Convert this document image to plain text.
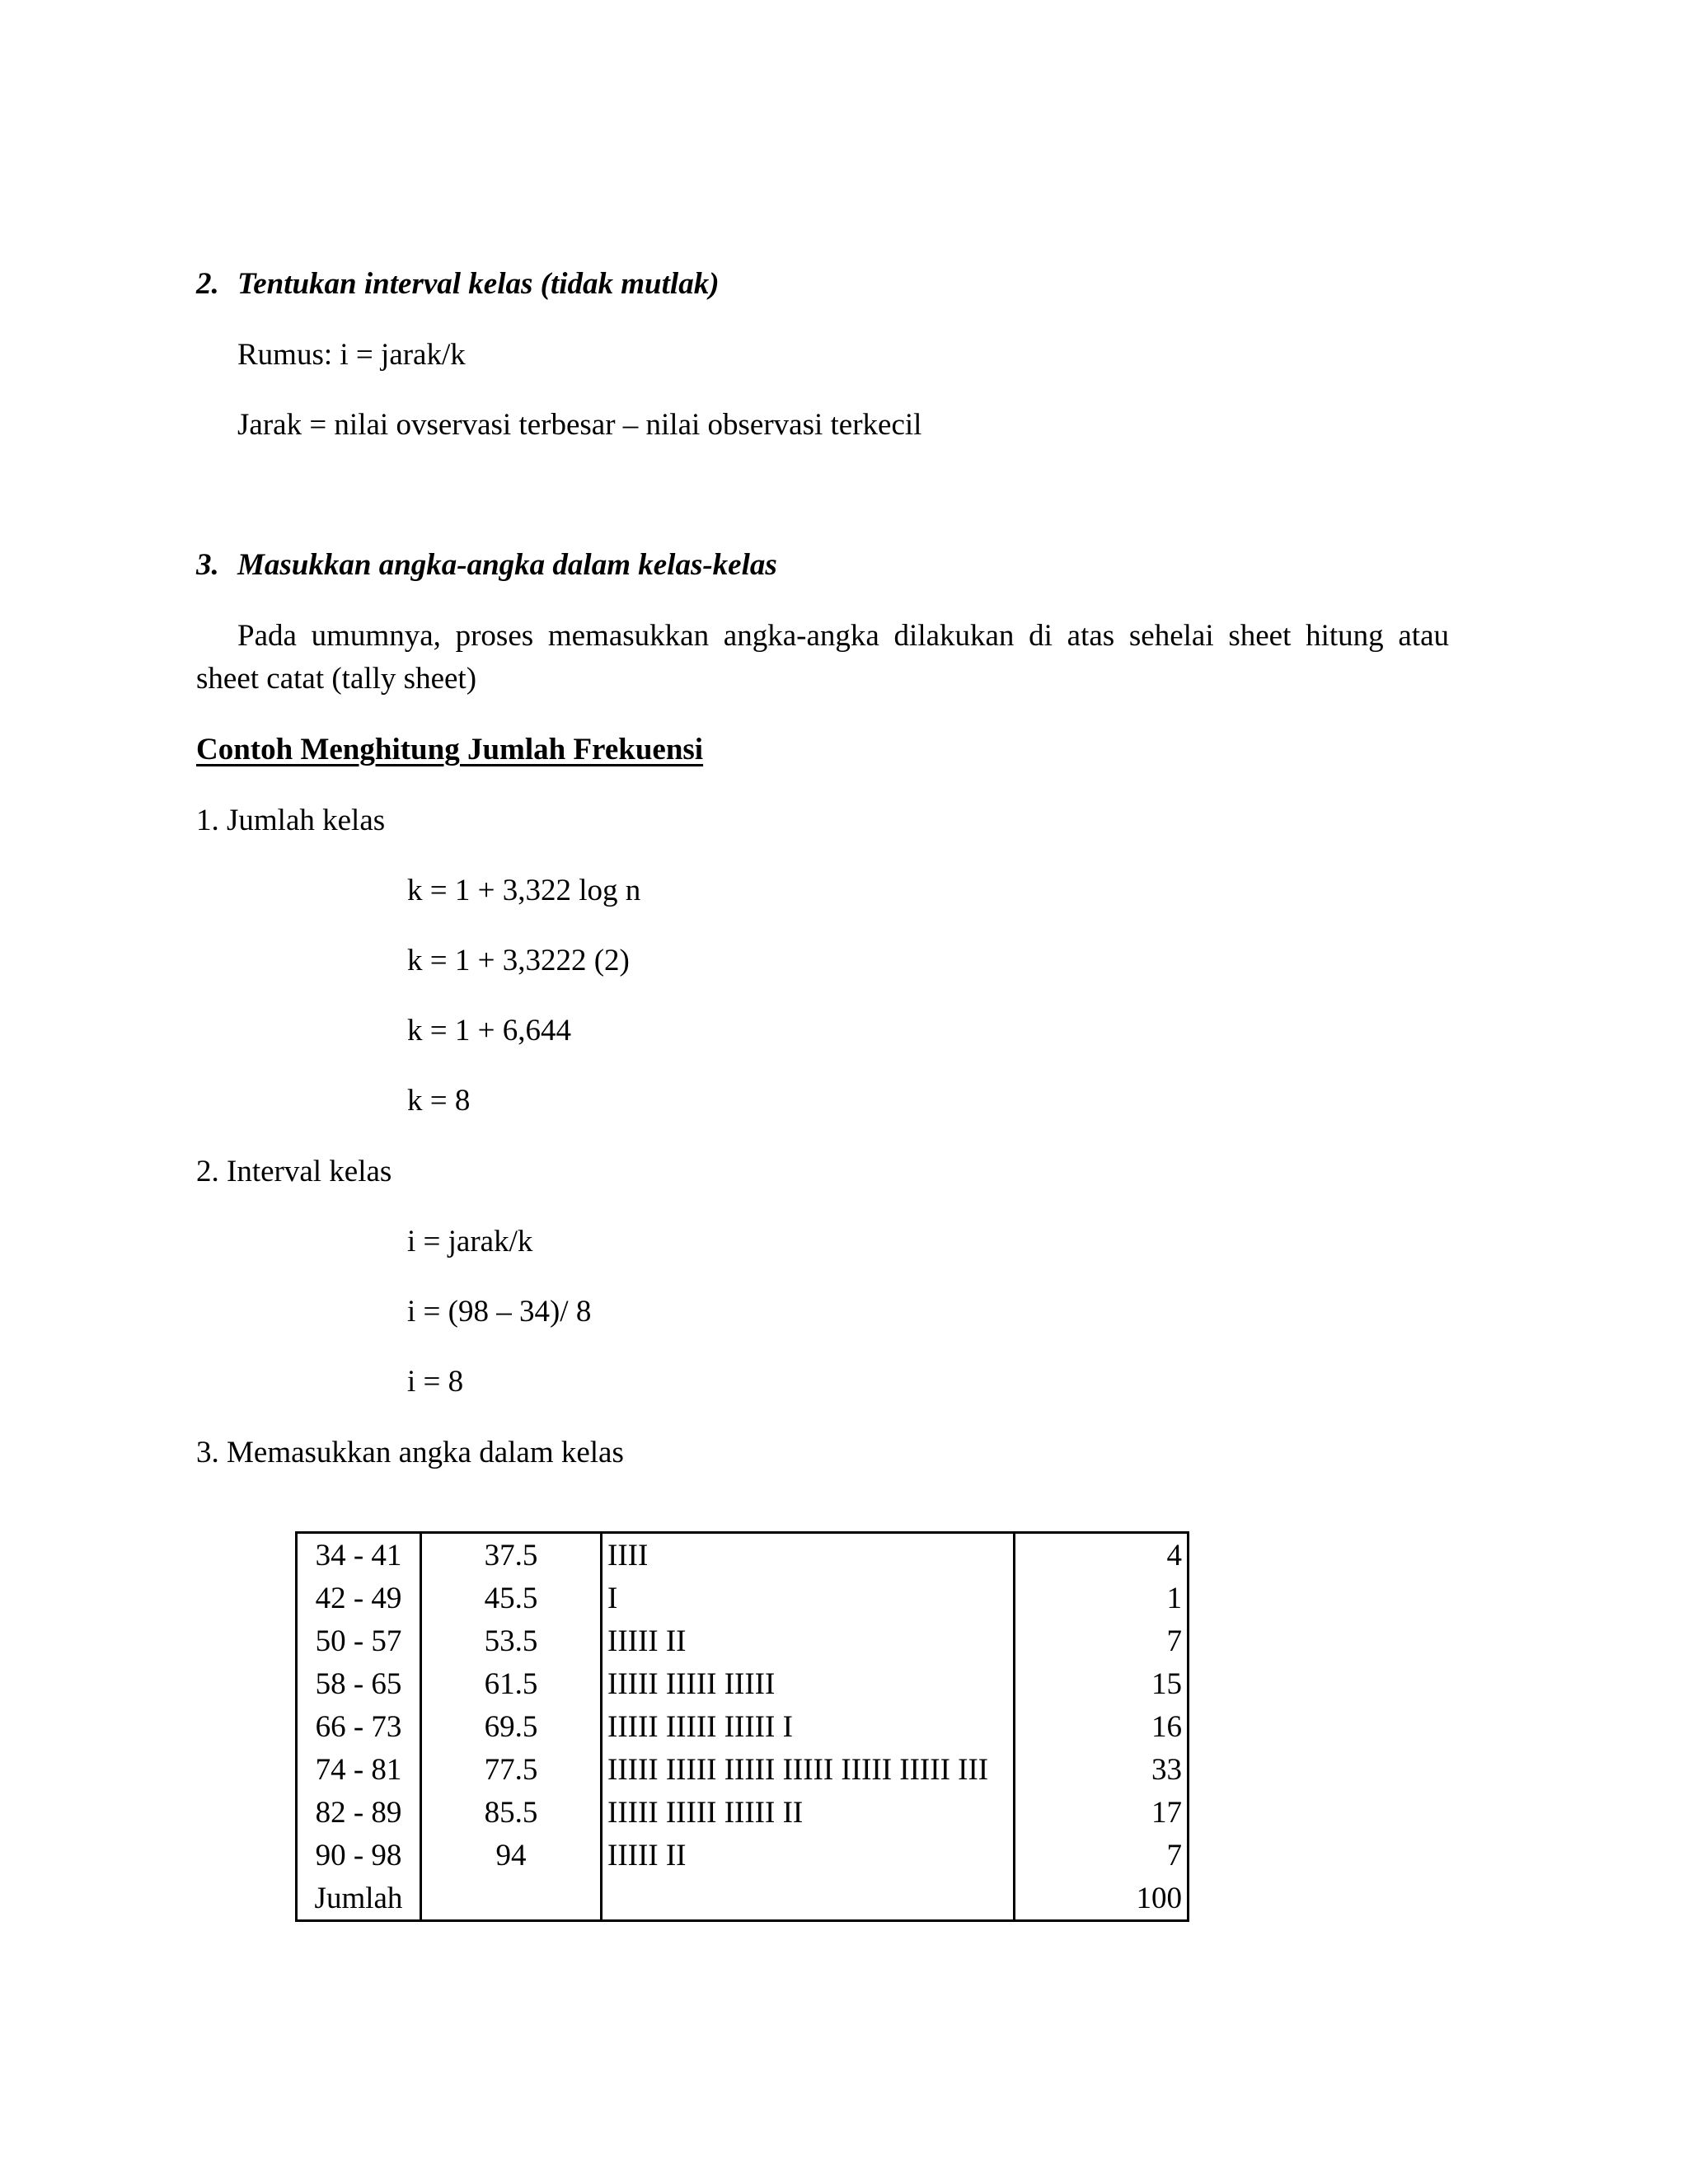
2. Tentukan interval kelas (tidak mutlak)
Rumus: i = jarak/k
Jarak = nilai ovservasi terbesar – nilai observasi terkecil
3. Masukkan angka-angka dalam kelas-kelas
Pada umumnya, proses memasukkan angka-angka dilakukan di atas sehelai sheet hitung atau
sheet catat (tally sheet)
Contoh Menghitung Jumlah Frekuensi
1. Jumlah kelas
k = 1 + 3,322 log n
k = 1 + 3,3222 (2)
k = 1 + 6,644
k = 8
2. Interval kelas
i = jarak/k
i = (98 – 34)/ 8
i = 8
3. Memasukkan angka dalam kelas
34 - 41	37.5	IIII	4
42 - 49	45.5	I	1
50 - 57	53.5	IIIII II	7
58 - 65	61.5	IIIII IIIII IIIII	15
66 - 73	69.5	IIIII IIIII IIIII I	16
74 - 81	77.5	IIIII IIIII IIIII IIIII IIIII IIIII III	33
82 - 89	85.5	IIIII IIIII IIIII II	17
90 - 98	94	IIIII II	7
Jumlah			100
